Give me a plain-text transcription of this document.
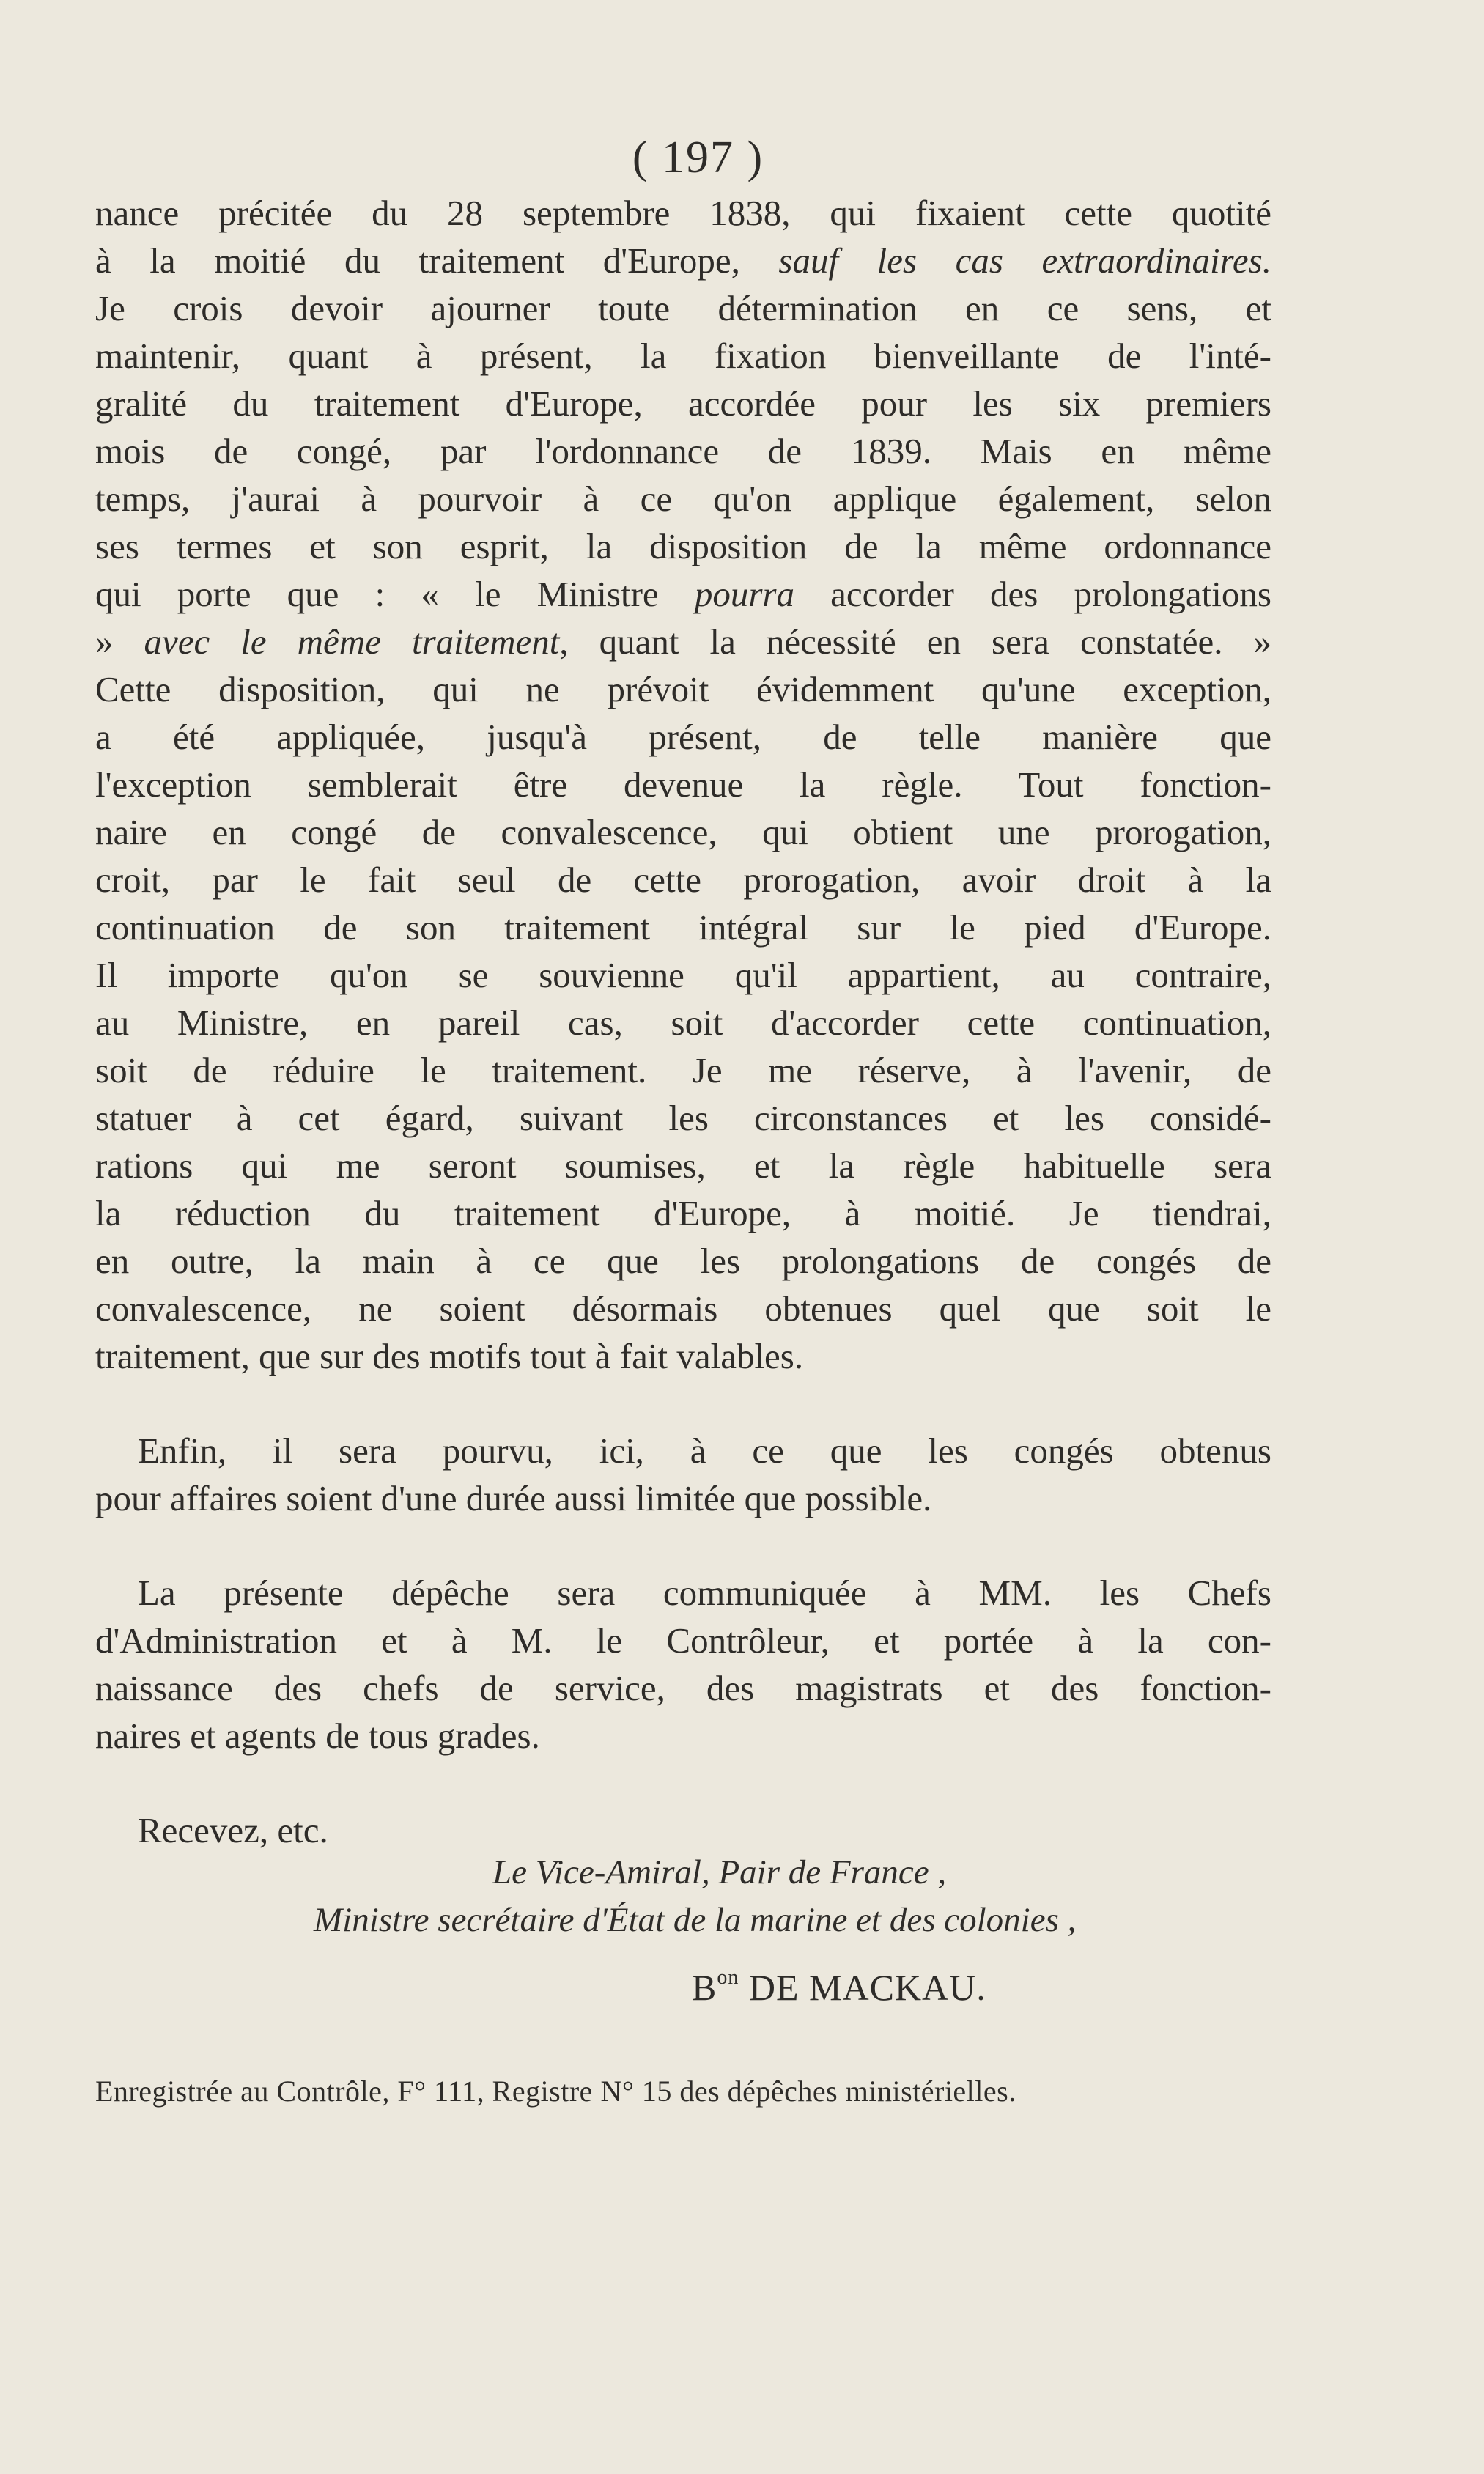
( 197 )
nance précitée du 28 septembre 1838, qui fixaient cette quotité
à la moitié du traitement d'Europe, sauf les cas extraordinaires.
Je crois devoir ajourner toute détermination en ce sens, et
maintenir, quant à présent, la fixation bienveillante de l'inté-
gralité du traitement d'Europe, accordée pour les six premiers
mois de congé, par l'ordonnance de 1839. Mais en même
temps, j'aurai à pourvoir à ce qu'on applique également, selon
ses termes et son esprit, la disposition de la même ordonnance
qui porte que : « le Ministre pourra accorder des prolongations
» avec le même traitement, quant la nécessité en sera constatée. »
Cette disposition, qui ne prévoit évidemment qu'une exception,
a été appliquée, jusqu'à présent, de telle manière que
l'exception semblerait être devenue la règle. Tout fonction-
naire en congé de convalescence, qui obtient une prorogation,
croit, par le fait seul de cette prorogation, avoir droit à la
continuation de son traitement intégral sur le pied d'Europe.
Il importe qu'on se souvienne qu'il appartient, au contraire,
au Ministre, en pareil cas, soit d'accorder cette continuation,
soit de réduire le traitement. Je me réserve, à l'avenir, de
statuer à cet égard, suivant les circonstances et les considé-
rations qui me seront soumises, et la règle habituelle sera
la réduction du traitement d'Europe, à moitié. Je tiendrai,
en outre, la main à ce que les prolongations de congés de
convalescence, ne soient désormais obtenues quel que soit le
traitement, que sur des motifs tout à fait valables.
Enfin, il sera pourvu, ici, à ce que les congés obtenus
pour affaires soient d'une durée aussi limitée que possible.
La présente dépêche sera communiquée à MM. les Chefs
d'Administration et à M. le Contrôleur, et portée à la con-
naissance des chefs de service, des magistrats et des fonction-
naires et agents de tous grades.
Recevez, etc.
Le Vice-Amiral, Pair de France ,
Ministre secrétaire d'État de la marine et des colonies ,
$B^{on}$ DE MACKAU.
Enregistrée au Contrôle, F° 111, Registre N° 15 des dépêches ministérielles.
